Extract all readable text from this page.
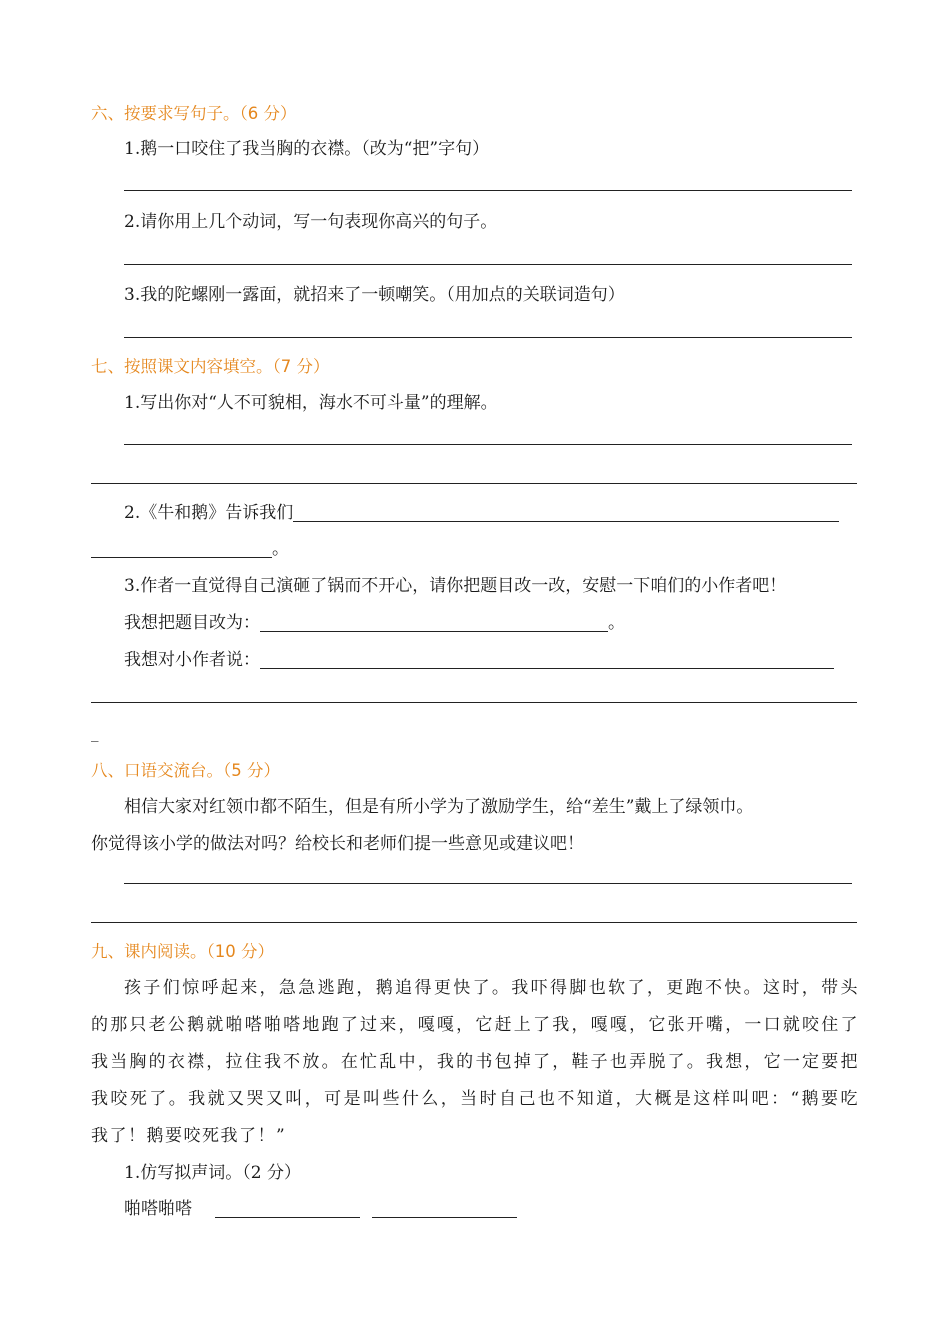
六、按要求写句子。（6 分）
1.鹅一口咬住了我当胸的衣襟。（改为“把”字句）
2.请你用上几个动词，写一句表现你高兴的句子。
3.我的陀螺刚一露面，就招来了一顿嘲笑。（用加点的关联词造句）
七、按照课文内容填空。（7 分）
1.写出你对“人不可貌相，海水不可斗量”的理解。
2.《牛和鹅》告诉我们
。
3.作者一直觉得自己演砸了锅而不开心，请你把题目改一改，安慰一下咱们的小作者吧！
我想把题目改为：	。
我想对小作者说：
_
八、口语交流台。（5 分）
相信大家对红领巾都不陌生，但是有所小学为了激励学生，给“差生”戴上了绿领巾。
你觉得该小学的做法对吗？给校长和老师们提一些意见或建议吧！
九、课内阅读。（10 分）
孩子们惊呼起来，急急逃跑，鹅追得更快了。我吓得脚也软了，更跑不快。这时，带头
的那只老公鹅就啪嗒啪嗒地跑了过来，嘎嘎，它赶上了我，嘎嘎，它张开嘴，一口就咬住了
我当胸的衣襟，拉住我不放。在忙乱中，我的书包掉了，鞋子也弄脱了。我想，它一定要把
我咬死了。我就又哭又叫，可是叫些什么，当时自己也不知道，大概是这样叫吧：“鹅要吃
我了！鹅要咬死我了！”
1.仿写拟声词。（2 分）
啪嗒啪嗒
